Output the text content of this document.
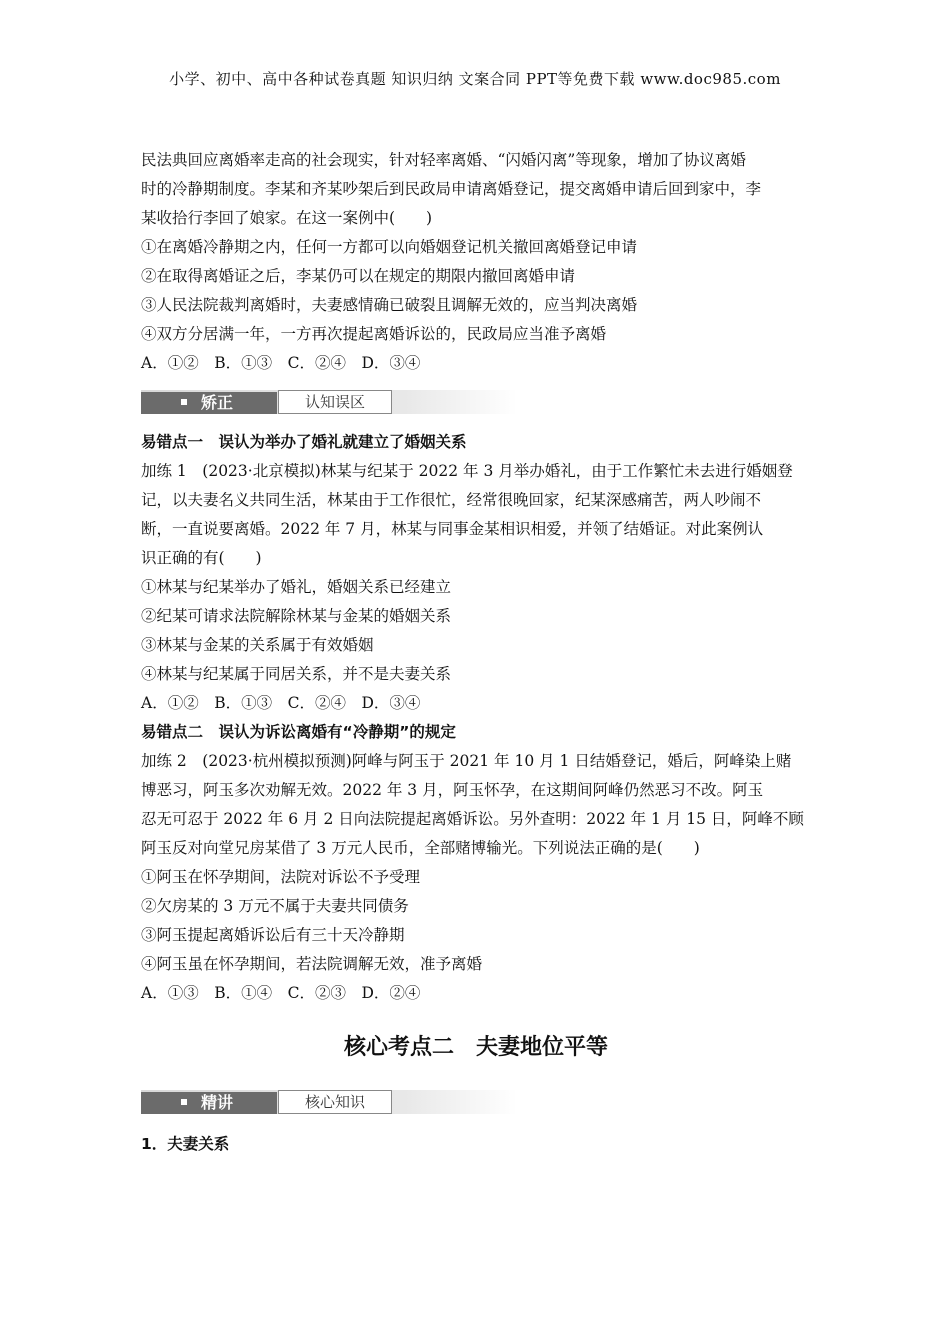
小学、初中、高中各种试卷真题 知识归纳 文案合同 PPT等免费下载 www.doc985.com
民法典回应离婚率走高的社会现实，针对轻率离婚、“闪婚闪离”等现象，增加了协议离婚
时的冷静期制度。李某和齐某吵架后到民政局申请离婚登记，提交离婚申请后回到家中，李
某收拾行李回了娘家。在这一案例中(　　)
①在离婚冷静期之内，任何一方都可以向婚姻登记机关撤回离婚登记申请
②在取得离婚证之后，李某仍可以在规定的期限内撤回离婚申请
③人民法院裁判离婚时，夫妻感情确已破裂且调解无效的，应当判决离婚
④双方分居满一年，一方再次提起离婚诉讼的，民政局应当准予离婚
A．①②　B．①③　C．②④　D．③④
矫正	认知误区
易错点一　误认为举办了婚礼就建立了婚姻关系
加练 1　(2023·北京模拟)林某与纪某于 2022 年 3 月举办婚礼，由于工作繁忙未去进行婚姻登
记，以夫妻名义共同生活，林某由于工作很忙，经常很晚回家，纪某深感痛苦，两人吵闹不
断，一直说要离婚。2022 年 7 月，林某与同事金某相识相爱，并领了结婚证。对此案例认
识正确的有(　　)
①林某与纪某举办了婚礼，婚姻关系已经建立
②纪某可请求法院解除林某与金某的婚姻关系
③林某与金某的关系属于有效婚姻
④林某与纪某属于同居关系，并不是夫妻关系
A．①②　B．①③　C．②④　D．③④
易错点二　误认为诉讼离婚有“冷静期”的规定
加练 2　(2023·杭州模拟预测)阿峰与阿玉于 2021 年 10 月 1 日结婚登记，婚后，阿峰染上赌
博恶习，阿玉多次劝解无效。2022 年 3 月，阿玉怀孕，在这期间阿峰仍然恶习不改。阿玉
忍无可忍于 2022 年 6 月 2 日向法院提起离婚诉讼。另外查明：2022 年 1 月 15 日，阿峰不顾
阿玉反对向堂兄房某借了 3 万元人民币，全部赌博输光。下列说法正确的是(　　)
①阿玉在怀孕期间，法院对诉讼不予受理
②欠房某的 3 万元不属于夫妻共同债务
③阿玉提起离婚诉讼后有三十天冷静期
④阿玉虽在怀孕期间，若法院调解无效，准予离婚
A．①③　B．①④　C．②③　D．②④
核心考点二　夫妻地位平等
精讲	核心知识
1．夫妻关系
